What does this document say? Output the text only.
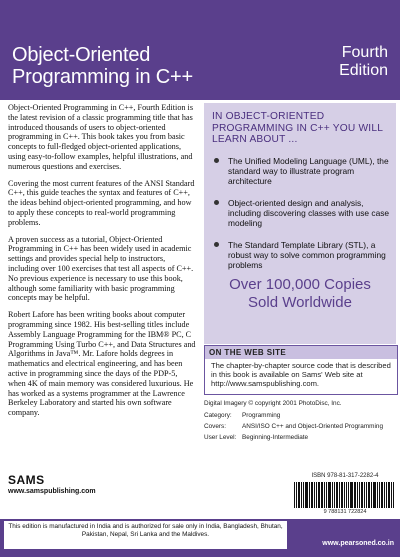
Object-Oriented
Programming in C++
Fourth
Edition

Object-Oriented Programming in C++, Fourth Edition is the latest revision of a classic programming title that has introduced thousands of users to object-oriented programming in C++. This book takes you from basic concepts to full-fledged object-oriented applications, using easy-to-follow examples, helpful illustrations, and numerous questions and exercises.

Covering the most current features of the ANSI Standard C++, this guide teaches the syntax and features of C++, the ideas behind object-oriented programming, and how to apply these concepts to real-world programming problems.

A proven success as a tutorial, Object-Oriented Programming in C++ has been widely used in academic settings and provides special help to instructors, including over 100 exercises that test all aspects of C++. No previous experience is necessary to use this book, although some familiarity with basic programming concepts may be helpful.

Robert Lafore has been writing books about computer programming since 1982. His best-selling titles include Assembly Language Programming for the IBM® PC, C Programming Using Turbo C++, and Data Structures and Algorithms in Java™. Mr. Lafore holds degrees in mathematics and electrical engineering, and has been active in programming since the days of the PDP-5, when 4K of main memory was considered luxurious. He has worked as a systems programmer at the Lawrence Berkeley Laboratory and started his own software company.

IN OBJECT-ORIENTED PROGRAMMING IN C++ YOU WILL LEARN ABOUT ...
The Unified Modeling Language (UML), the standard way to illustrate program architecture
Object-oriented design and analysis, including discovering classes with use case modeling
The Standard Template Library (STL), a robust way to solve common programming problems
Over 100,000 Copies
Sold Worldwide
ON THE WEB SITE
The chapter-by-chapter source code that is described in this book is available on Sams' Web site at http://www.samspublishing.com.
Digital Imagery © copyright 2001 PhotoDisc, Inc.
Category:	Programming
Covers:	ANSI/ISO C++ and Object-Oriented Programming
User Level: Beginning-Intermediate
ISBN 978-81-317-2282-4
9 788131 722824
SAMS
www.samspublishing.com
This edition is manufactured in India and is authorized for sale only in India, Bangladesh, Bhutan, Pakistan, Nepal, Sri Lanka and the Maldives.
www.pearsoned.co.in
